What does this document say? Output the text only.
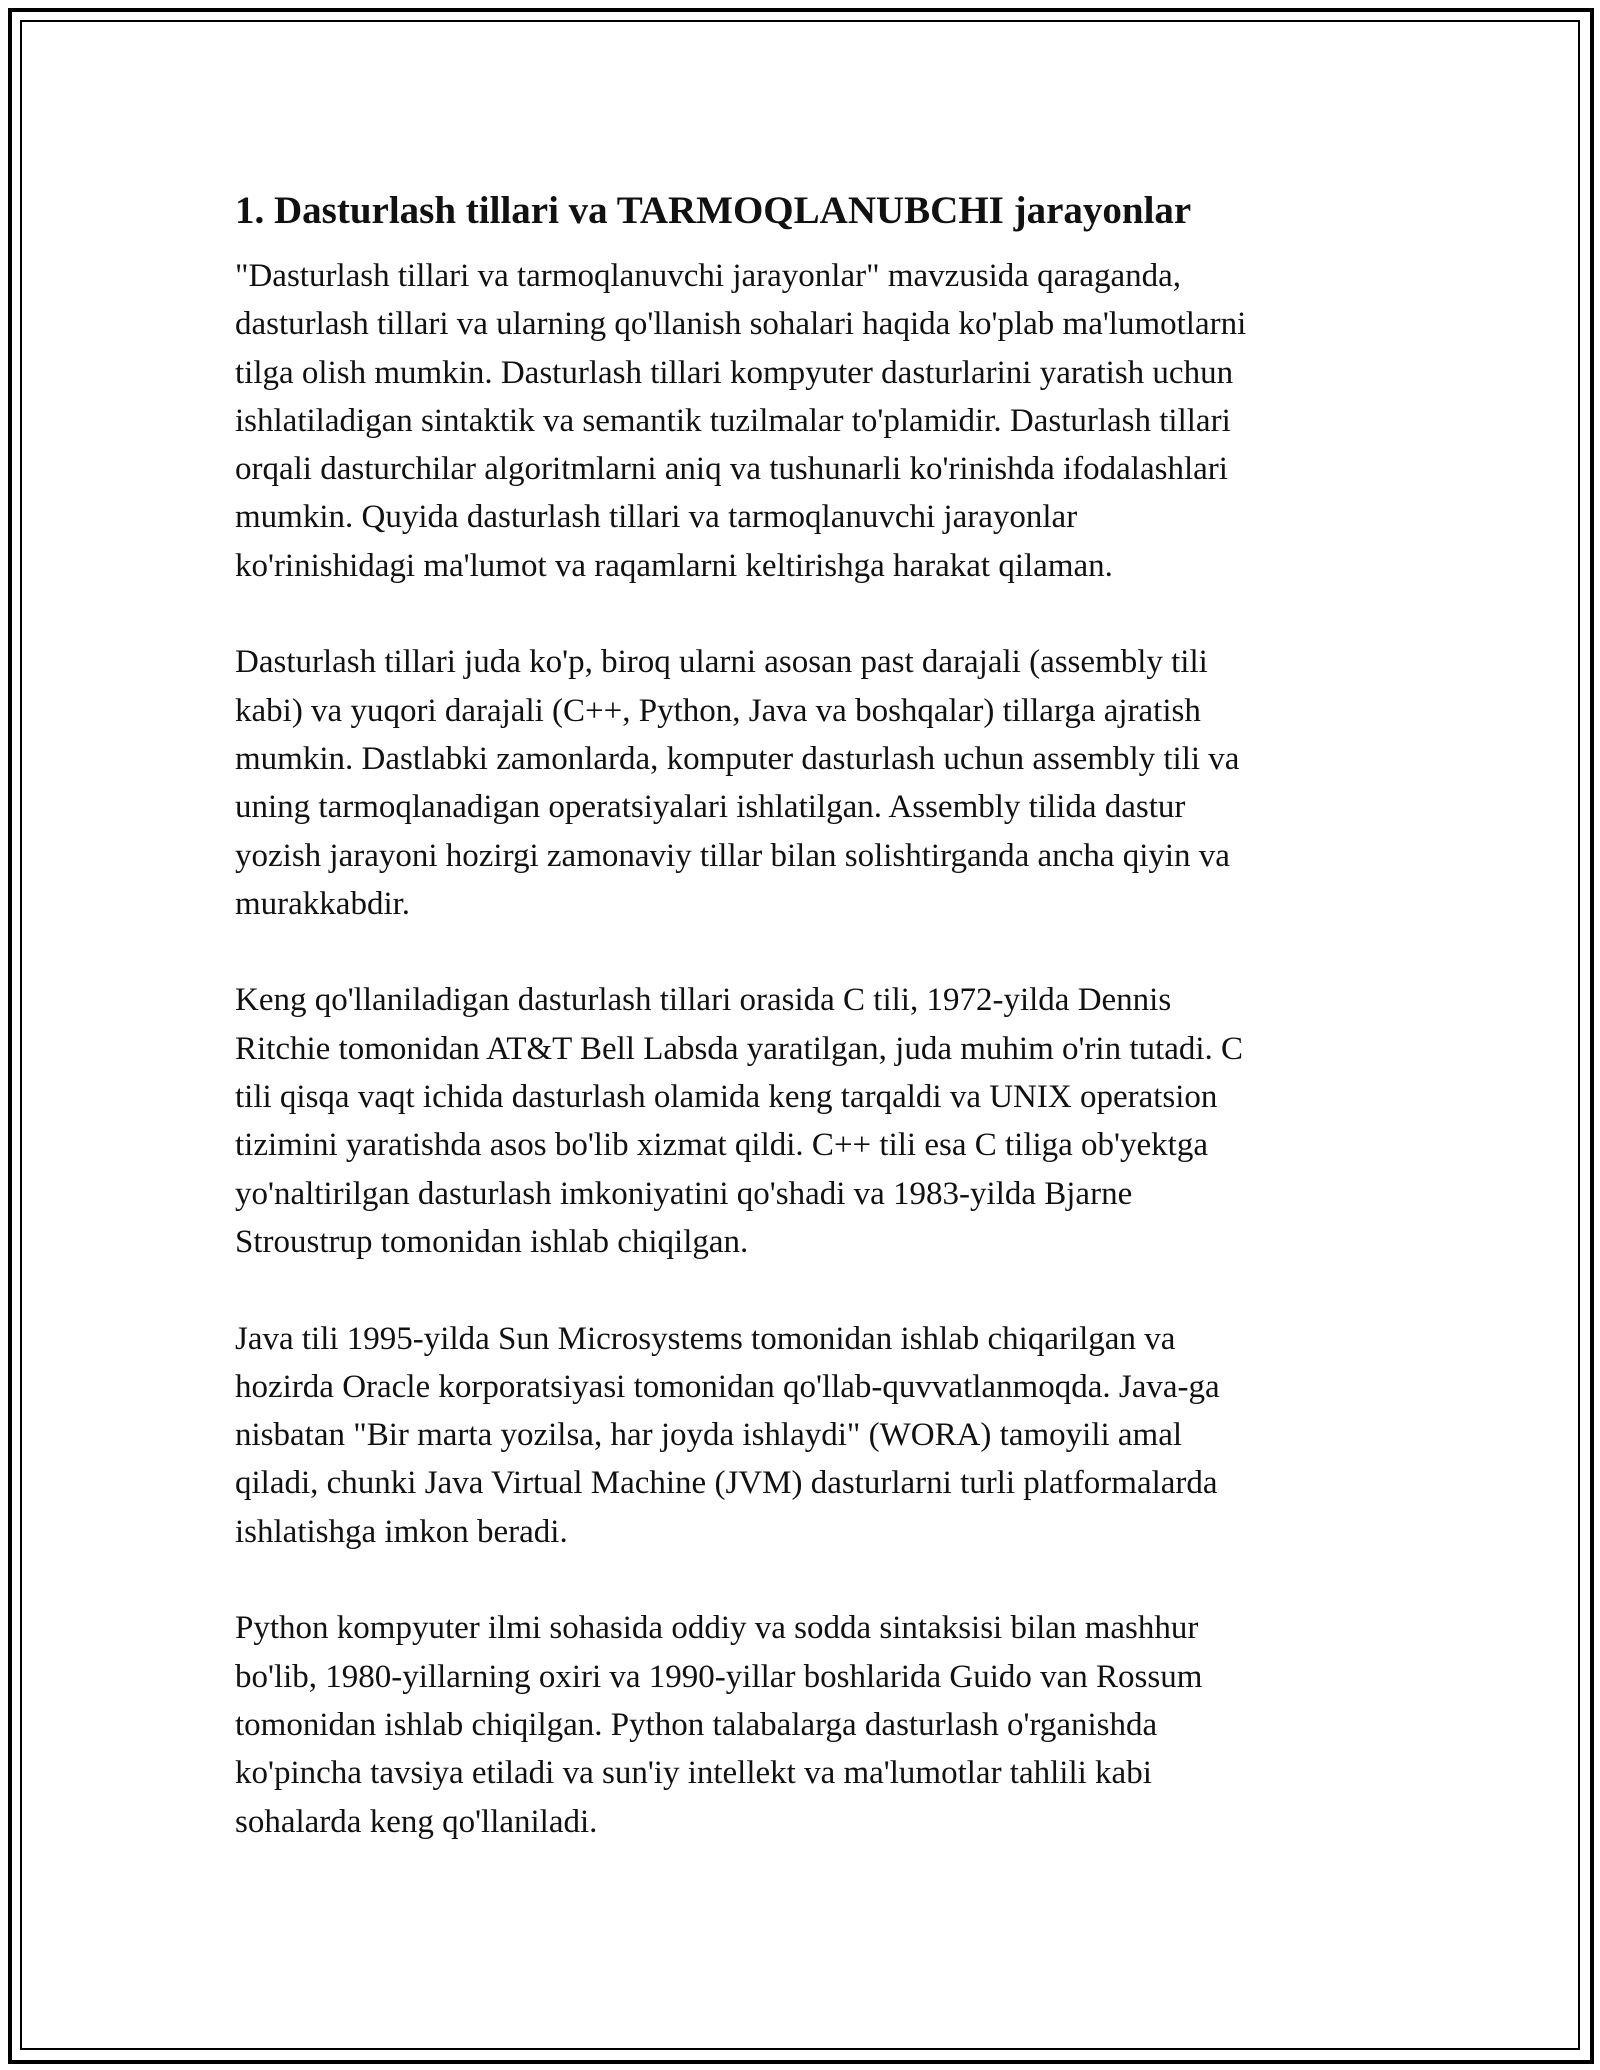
1. Dasturlash tillari va TARMOQLANUBCHI jarayonlar

"Dasturlash tillari va tarmoqlanuvchi jarayonlar" mavzusida qaraganda,
dasturlash tillari va ularning qo'llanish sohalari haqida ko'plab ma'lumotlarni
tilga olish mumkin. Dasturlash tillari kompyuter dasturlarini yaratish uchun
ishlatiladigan sintaktik va semantik tuzilmalar to'plamidir. Dasturlash tillari
orqali dasturchilar algoritmlarni aniq va tushunarli ko'rinishda ifodalashlari
mumkin. Quyida dasturlash tillari va tarmoqlanuvchi jarayonlar
ko'rinishidagi ma'lumot va raqamlarni keltirishga harakat qilaman.

Dasturlash tillari juda ko'p, biroq ularni asosan past darajali (assembly tili
kabi) va yuqori darajali (C++, Python, Java va boshqalar) tillarga ajratish
mumkin. Dastlabki zamonlarda, komputer dasturlash uchun assembly tili va
uning tarmoqlanadigan operatsiyalari ishlatilgan. Assembly tilida dastur
yozish jarayoni hozirgi zamonaviy tillar bilan solishtirganda ancha qiyin va
murakkabdir.

Keng qo'llaniladigan dasturlash tillari orasida C tili, 1972-yilda Dennis
Ritchie tomonidan AT&T Bell Labsda yaratilgan, juda muhim o'rin tutadi. C
tili qisqa vaqt ichida dasturlash olamida keng tarqaldi va UNIX operatsion
tizimini yaratishda asos bo'lib xizmat qildi. C++ tili esa C tiliga ob'yektga
yo'naltirilgan dasturlash imkoniyatini qo'shadi va 1983-yilda Bjarne
Stroustrup tomonidan ishlab chiqilgan.

Java tili 1995-yilda Sun Microsystems tomonidan ishlab chiqarilgan va
hozirda Oracle korporatsiyasi tomonidan qo'llab-quvvatlanmoqda. Java-ga
nisbatan "Bir marta yozilsa, har joyda ishlaydi" (WORA) tamoyili amal
qiladi, chunki Java Virtual Machine (JVM) dasturlarni turli platformalarda
ishlatishga imkon beradi.

Python kompyuter ilmi sohasida oddiy va sodda sintaksisi bilan mashhur
bo'lib, 1980-yillarning oxiri va 1990-yillar boshlarida Guido van Rossum
tomonidan ishlab chiqilgan. Python talabalarga dasturlash o'rganishda
ko'pincha tavsiya etiladi va sun'iy intellekt va ma'lumotlar tahlili kabi
sohalarda keng qo'llaniladi.
